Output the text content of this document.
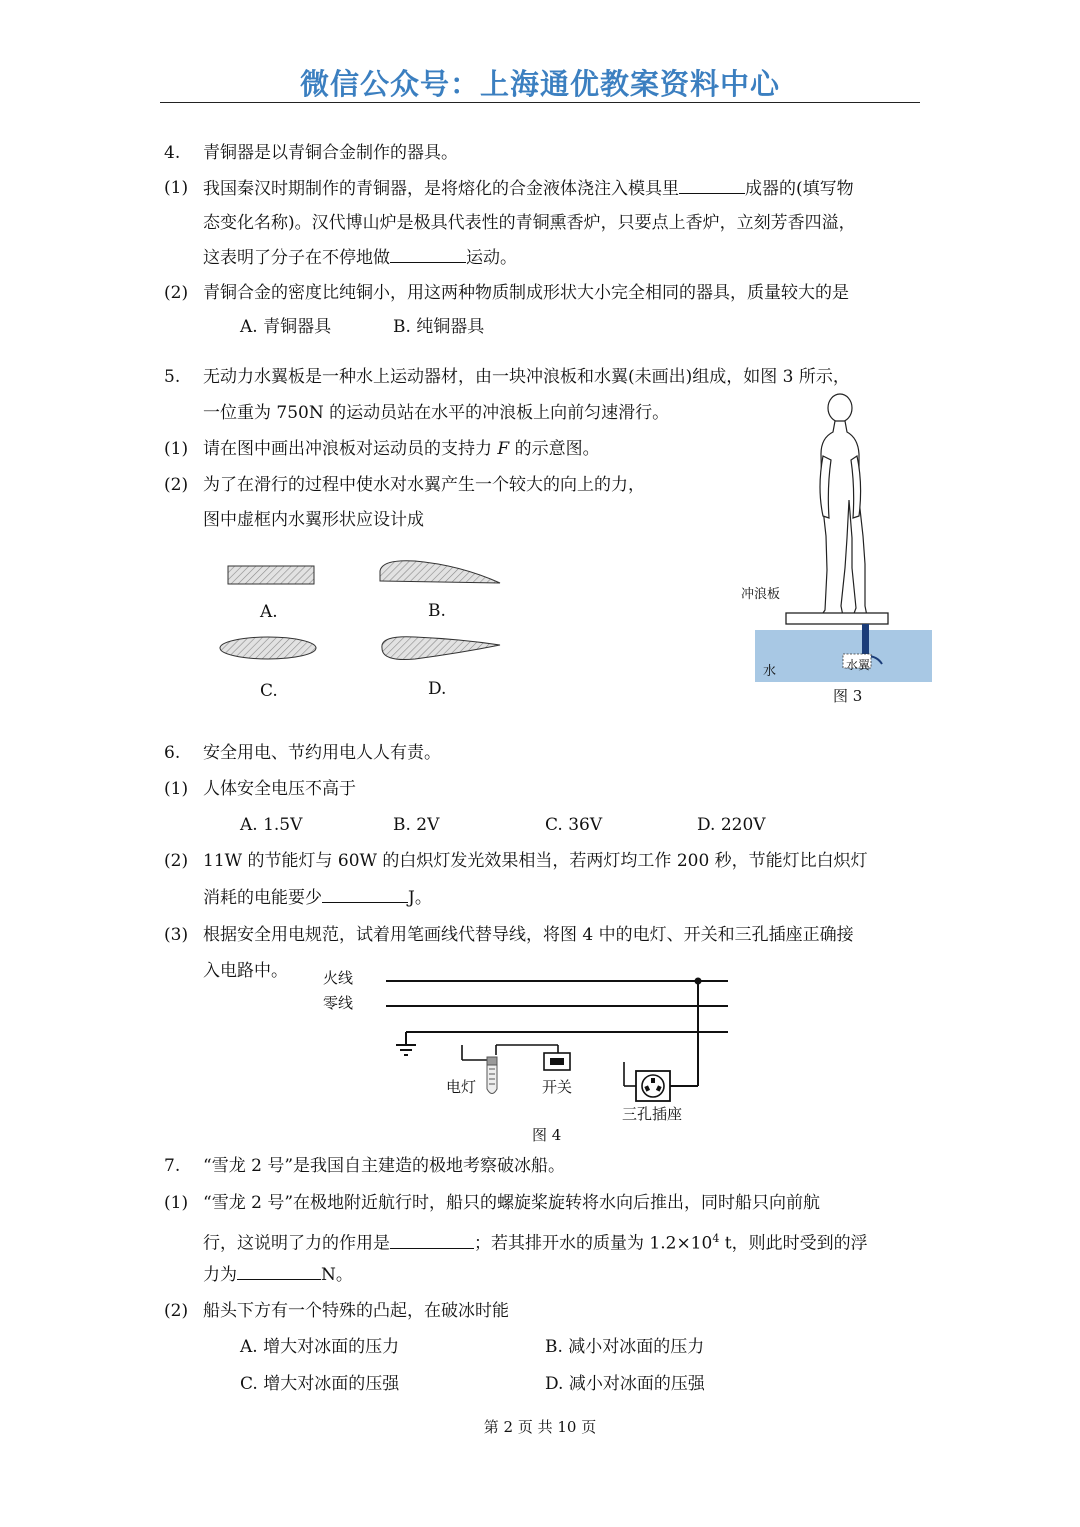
微信公众号：上海通优教案资料中心
4. 青铜器是以青铜合金制作的器具。
(1) 我国秦汉时期制作的青铜器，是将熔化的合金液体浇注入模具里	成器的(填写物
态变化名称)。汉代博山炉是极具代表性的青铜熏香炉，只要点上香炉，立刻芳香四溢，
这表明了分子在不停地做	运动。
(2) 青铜合金的密度比纯铜小，用这两种物质制成形状大小完全相同的器具，质量较大的是
A. 青铜器具	B. 纯铜器具
5. 无动力水翼板是一种水上运动器材，由一块冲浪板和水翼(未画出)组成，如图 3 所示，
一位重为 750N 的运动员站在水平的冲浪板上向前匀速滑行。
(1) 请在图中画出冲浪板对运动员的支持力 F 的示意图。
(2) 为了在滑行的过程中使水对水翼产生一个较大的向上的力，
图中虚框内水翼形状应设计成
A.	B.
C.	D.
冲浪板
水	水翼
图 3
6. 安全用电、节约用电人人有责。
(1) 人体安全电压不高于
A. 1.5V	B. 2V	C. 36V	D. 220V
(2) 11W 的节能灯与 60W 的白炽灯发光效果相当，若两灯均工作 200 秒，节能灯比白炽灯
消耗的电能要少	J。
(3) 根据安全用电规范，试着用笔画线代替导线，将图 4 中的电灯、开关和三孔插座正确接
入电路中。 火线
零线
电灯	开关
三孔插座
图 4
7. “雪龙 2 号”是我国自主建造的极地考察破冰船。
(1) “雪龙 2 号”在极地附近航行时，船只的螺旋桨旋转将水向后推出，同时船只向前航
行，这说明了力的作用是	；若其排开水的质量为 $1.2\times 10^4$ t，则此时受到的浮
力为	N。
(2) 船头下方有一个特殊的凸起，在破冰时能
A. 增大对冰面的压力	B. 减小对冰面的压力
C. 增大对冰面的压强	D. 减小对冰面的压强
第 2 页 共 10 页
